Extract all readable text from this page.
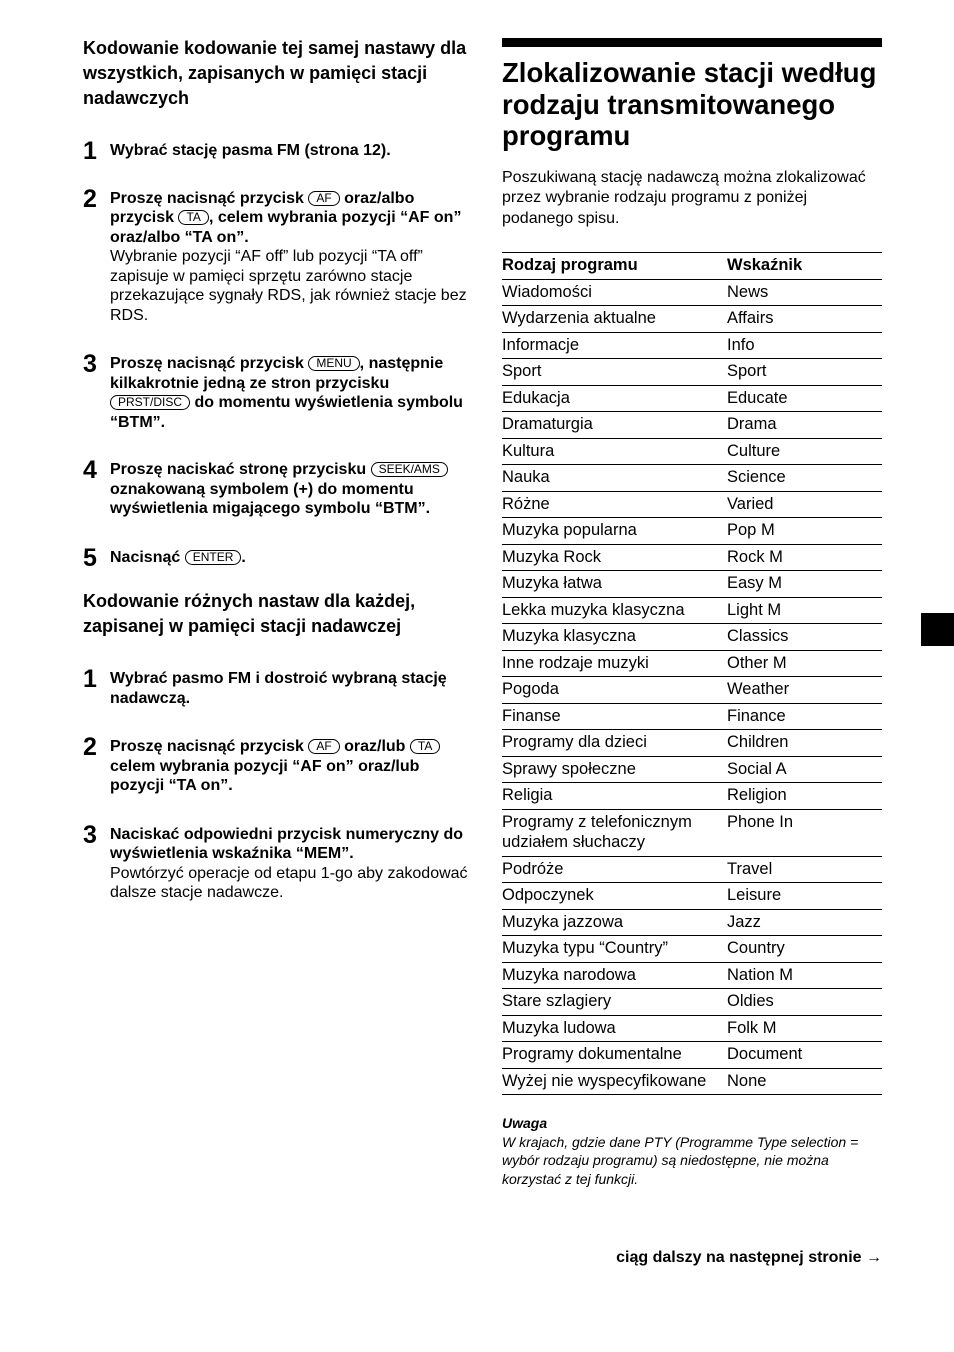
Kodowanie kodowanie tej samej nastawy dla wszystkich, zapisanych w pamięci stacji nadawczych
1 Wybrać stację pasma FM (strona 12).
2 Proszę nacisnąć przycisk AF oraz/albo przycisk TA , celem wybrania pozycji “AF on” oraz/albo “TA on”.
Wybranie pozycji “AF off” lub pozycji “TA off” zapisuje w pamięci sprzętu zarówno stacje przekazujące sygnały RDS, jak również stacje bez RDS.
3 Proszę nacisnąć przycisk MENU , następnie kilkakrotnie jedną ze stron przycisku PRST/DISC do momentu wyświetlenia symbolu “BTM”.
4 Proszę naciskać stronę przycisku SEEK/AMS oznakowaną symbolem (+) do momentu wyświetlenia migającego symbolu “BTM”.
5 Nacisnąć ENTER .
Kodowanie różnych nastaw dla każdej, zapisanej w pamięci stacji nadawczej
1 Wybrać pasmo FM i dostroić wybraną stację nadawczą.
2 Proszę nacisnąć przycisk AF oraz/lub TA celem wybrania pozycji “AF on” oraz/lub pozycji “TA on”.
3 Naciskać odpowiedni przycisk numeryczny do wyświetlenia wskaźnika “MEM”.
Powtórzyć operacje od etapu 1-go aby zakodować dalsze stacje nadawcze.
Zlokalizowanie stacji według rodzaju transmitowanego programu

Poszukiwaną stację nadawczą można zlokalizować przez wybranie rodzaju programu z poniżej podanego spisu.

Rodzaj programu	Wskaźnik
Wiadomości	News
Wydarzenia aktualne	Affairs
Informacje	Info
Sport	Sport
Edukacja	Educate
Dramaturgia	Drama
Kultura	Culture
Nauka	Science
Różne	Varied
Muzyka popularna	Pop M
Muzyka Rock	Rock M
Muzyka łatwa	Easy M
Lekka muzyka klasyczna	Light M
Muzyka klasyczna	Classics
Inne rodzaje muzyki	Other M
Pogoda	Weather
Finanse	Finance
Programy dla dzieci	Children
Sprawy społeczne	Social A
Religia	Religion
Programy z telefonicznym udziałem słuchaczy	Phone In
Podróże	Travel
Odpoczynek	Leisure
Muzyka jazzowa	Jazz
Muzyka typu “Country”	Country
Muzyka narodowa	Nation M
Stare szlagiery	Oldies
Muzyka ludowa	Folk M
Programy dokumentalne	Document
Wyżej nie wyspecyfikowane	None
Uwaga
W krajach, gdzie dane PTY (Programme Type selection = wybór rodzaju programu) są niedostępne, nie można korzystać z tej funkcji.
ciąg dalszy na następnej stronie →
